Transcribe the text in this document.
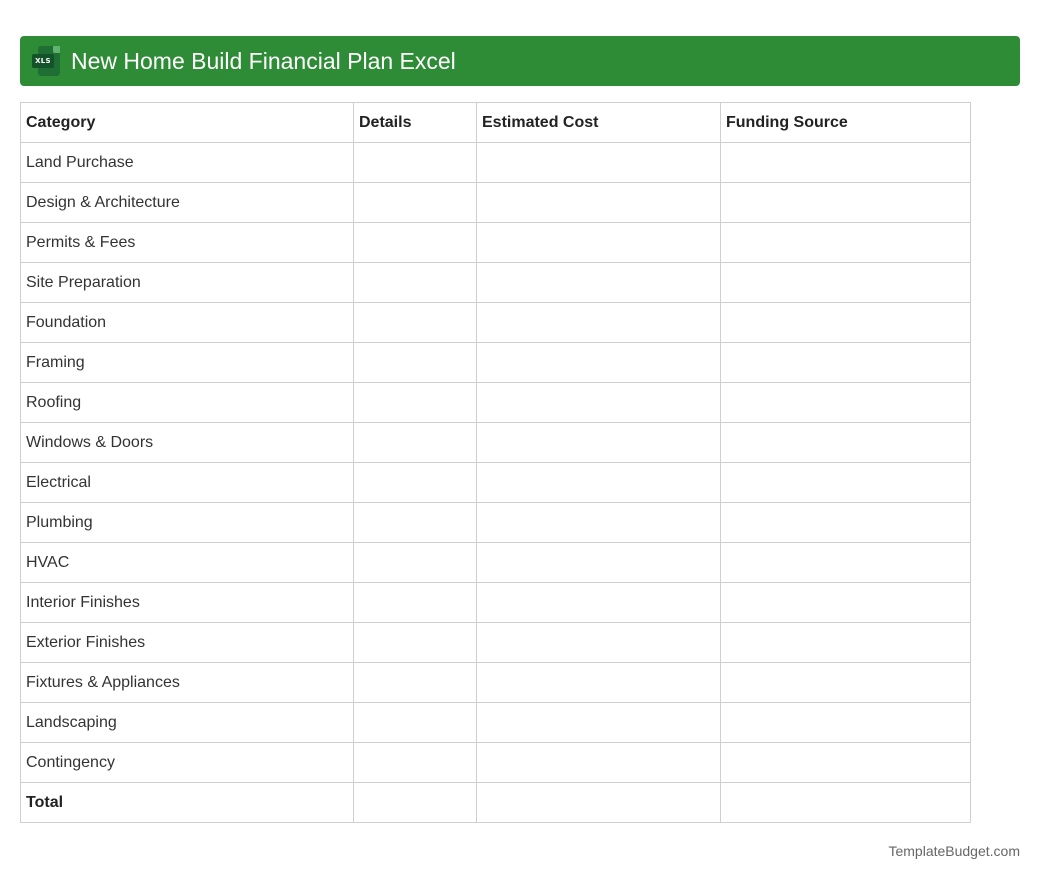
XLS New Home Build Financial Plan Excel
Category	Details	Estimated Cost	Funding Source
Land Purchase			
Design & Architecture			
Permits & Fees			
Site Preparation			
Foundation			
Framing			
Roofing			
Windows & Doors			
Electrical			
Plumbing			
HVAC			
Interior Finishes			
Exterior Finishes			
Fixtures & Appliances			
Landscaping			
Contingency			
Total			
TemplateBudget.com
